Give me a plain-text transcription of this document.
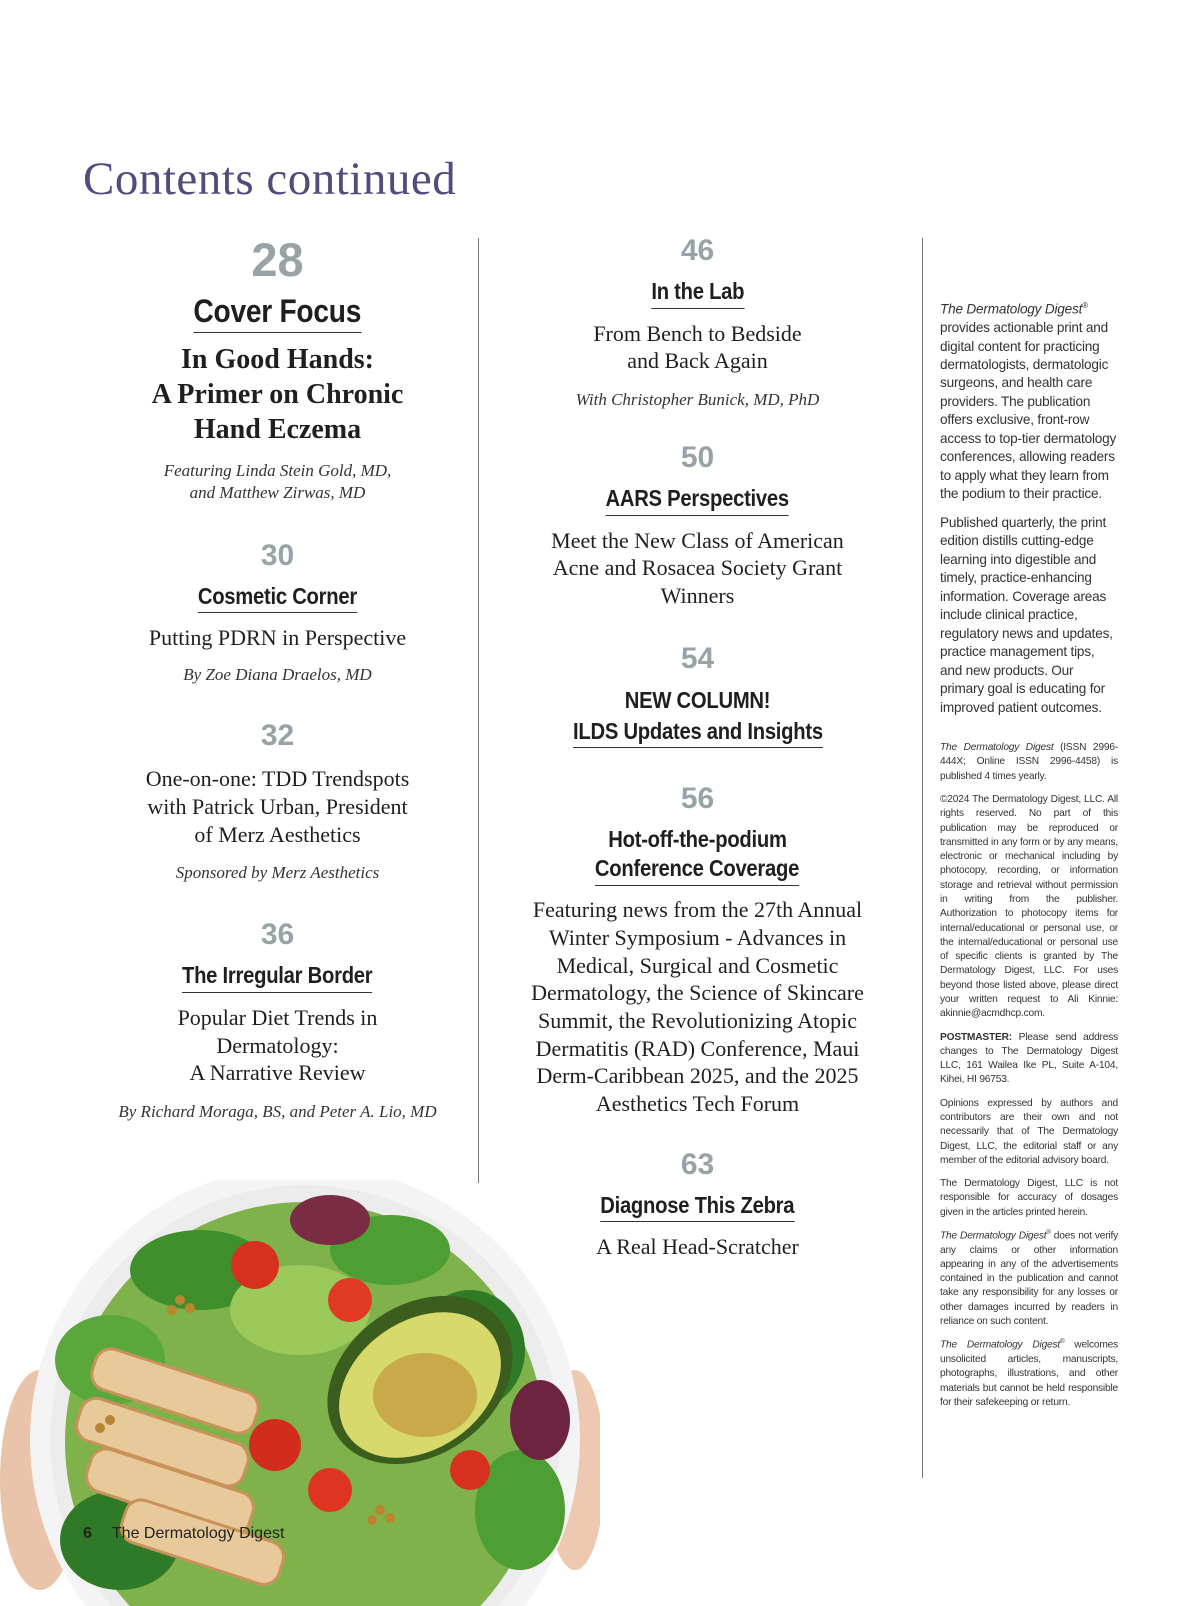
Contents continued

28

Cover Focus

In Good Hands:

A Primer on Chronic

Hand Eczema

Featuring Linda Stein Gold, MD,

and Matthew Zirwas, MD

30

Cosmetic Corner

Putting PDRN in Perspective

By Zoe Diana Draelos, MD

32

One-on-one: TDD Trendspots

with Patrick Urban, President

of Merz Aesthetics

Sponsored by Merz Aesthetics

36

The Irregular Border

Popular Diet Trends in

Dermatology:

A Narrative Review

By Richard Moraga, BS, and Peter A. Lio, MD

46

In the Lab

From Bench to Bedside

and Back Again

With Christopher Bunick, MD, PhD

50

AARS Perspectives

Meet the New Class of American

Acne and Rosacea Society Grant

Winners

54

NEW COLUMN!

ILDS Updates and Insights

56

Hot-off-the-podium

Conference Coverage

Featuring news from the 27th Annual

Winter Symposium - Advances in

Medical, Surgical and Cosmetic

Dermatology, the Science of Skincare

Summit, the Revolutionizing Atopic

Dermatitis (RAD) Conference, Maui

Derm-Caribbean 2025, and the 2025

Aesthetics Tech Forum

63

Diagnose This Zebra

A Real Head-Scratcher

The Dermatology Digest® provides actionable print and digital content for practicing dermatologists, dermatologic surgeons, and health care providers. The publication offers exclusive, front-row access to top-tier dermatology conferences, allowing readers to apply what they learn from the podium to their practice.

Published quarterly, the print edition distills cutting-edge learning into digestible and timely, practice-enhancing information. Coverage areas include clinical practice, regulatory news and updates, practice management tips, and new products. Our primary goal is educating for improved patient outcomes.

The Dermatology Digest (ISSN 2996-444X; Online ISSN 2996-4458) is published 4 times yearly.

©2024 The Dermatology Digest, LLC. All rights reserved. No part of this publication may be reproduced or transmitted in any form or by any means, electronic or mechanical including by photocopy, recording, or information storage and retrieval without permission in writing from the publisher. Authorization to photocopy items for internal/educational or personal use, or the internal/educational or personal use of specific clients is granted by The Dermatology Digest, LLC. For uses beyond those listed above, please direct your written request to Ali Kinnie: akinnie@acmdhcp.com.

POSTMASTER: Please send address changes to The Dermatology Digest LLC, 161 Wailea Ike PL, Suite A-104, Kihei, HI 96753.

Opinions expressed by authors and contributors are their own and not necessarily that of The Dermatology Digest, LLC, the editorial staff or any member of the editorial advisory board.

The Dermatology Digest, LLC is not responsible for accuracy of dosages given in the articles printed herein.

The Dermatology Digest® does not verify any claims or other information appearing in any of the advertisements contained in the publication and cannot take any responsibility for any losses or other damages incurred by readers in reliance on such content.

The Dermatology Digest® welcomes unsolicited articles, manuscripts, photographs, illustrations, and other materials but cannot be held responsible for their safekeeping or return.

6 The Dermatology Digest
